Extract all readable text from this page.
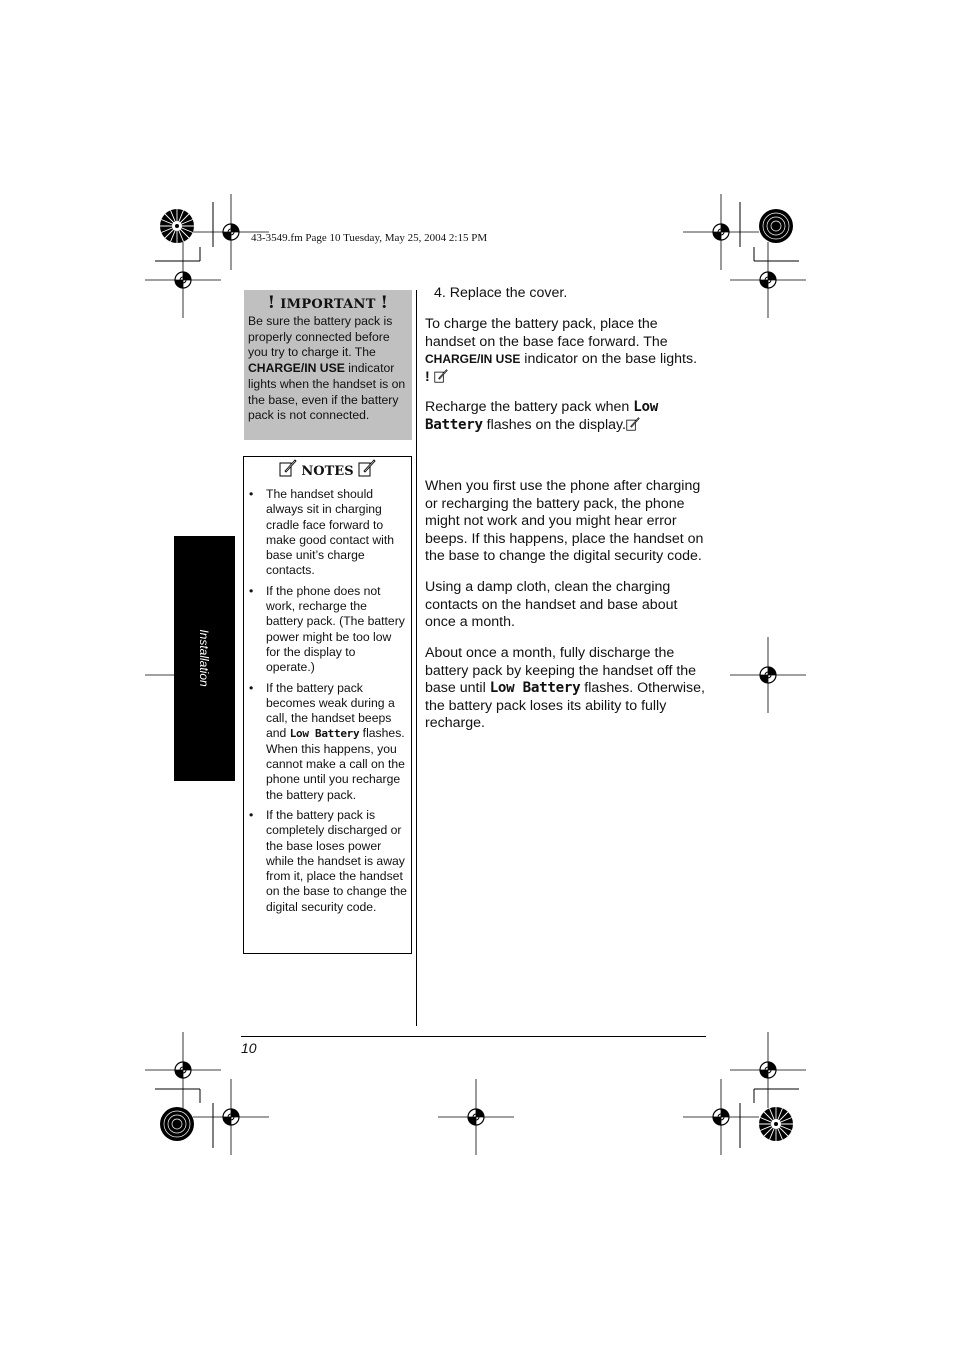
43-3549.fm Page 10 Tuesday, May 25, 2004 2:15 PM
Installation
! IMPORTANT !
Be sure the battery pack is properly connected before you try to charge it. The CHARGE/IN USE indicator lights when the handset is on the base, even if the battery pack is not connected.
NOTES
• The handset should always sit in charging cradle face forward to make good contact with base unit’s charge contacts.
• If the phone does not work, recharge the battery pack. (The battery power might be too low for the display to operate.)
• If the battery pack becomes weak during a call, the handset beeps and Low Battery flashes. When this happens, you cannot make a call on the phone until you recharge the battery pack.
• If the battery pack is completely discharged or the base loses power while the handset is away from it, place the handset on the base to change the digital security code.
4. Replace the cover.
To charge the battery pack, place the handset on the base face forward. The CHARGE/IN USE indicator on the base lights.
!
Recharge the battery pack when Low Battery flashes on the display.
When you first use the phone after charging or recharging the battery pack, the phone might not work and you might hear error beeps. If this happens, place the handset on the base to change the digital security code.
Using a damp cloth, clean the charging contacts on the handset and base about once a month.
About once a month, fully discharge the battery pack by keeping the handset off the base until Low Battery flashes. Otherwise, the battery pack loses its ability to fully recharge.
10
